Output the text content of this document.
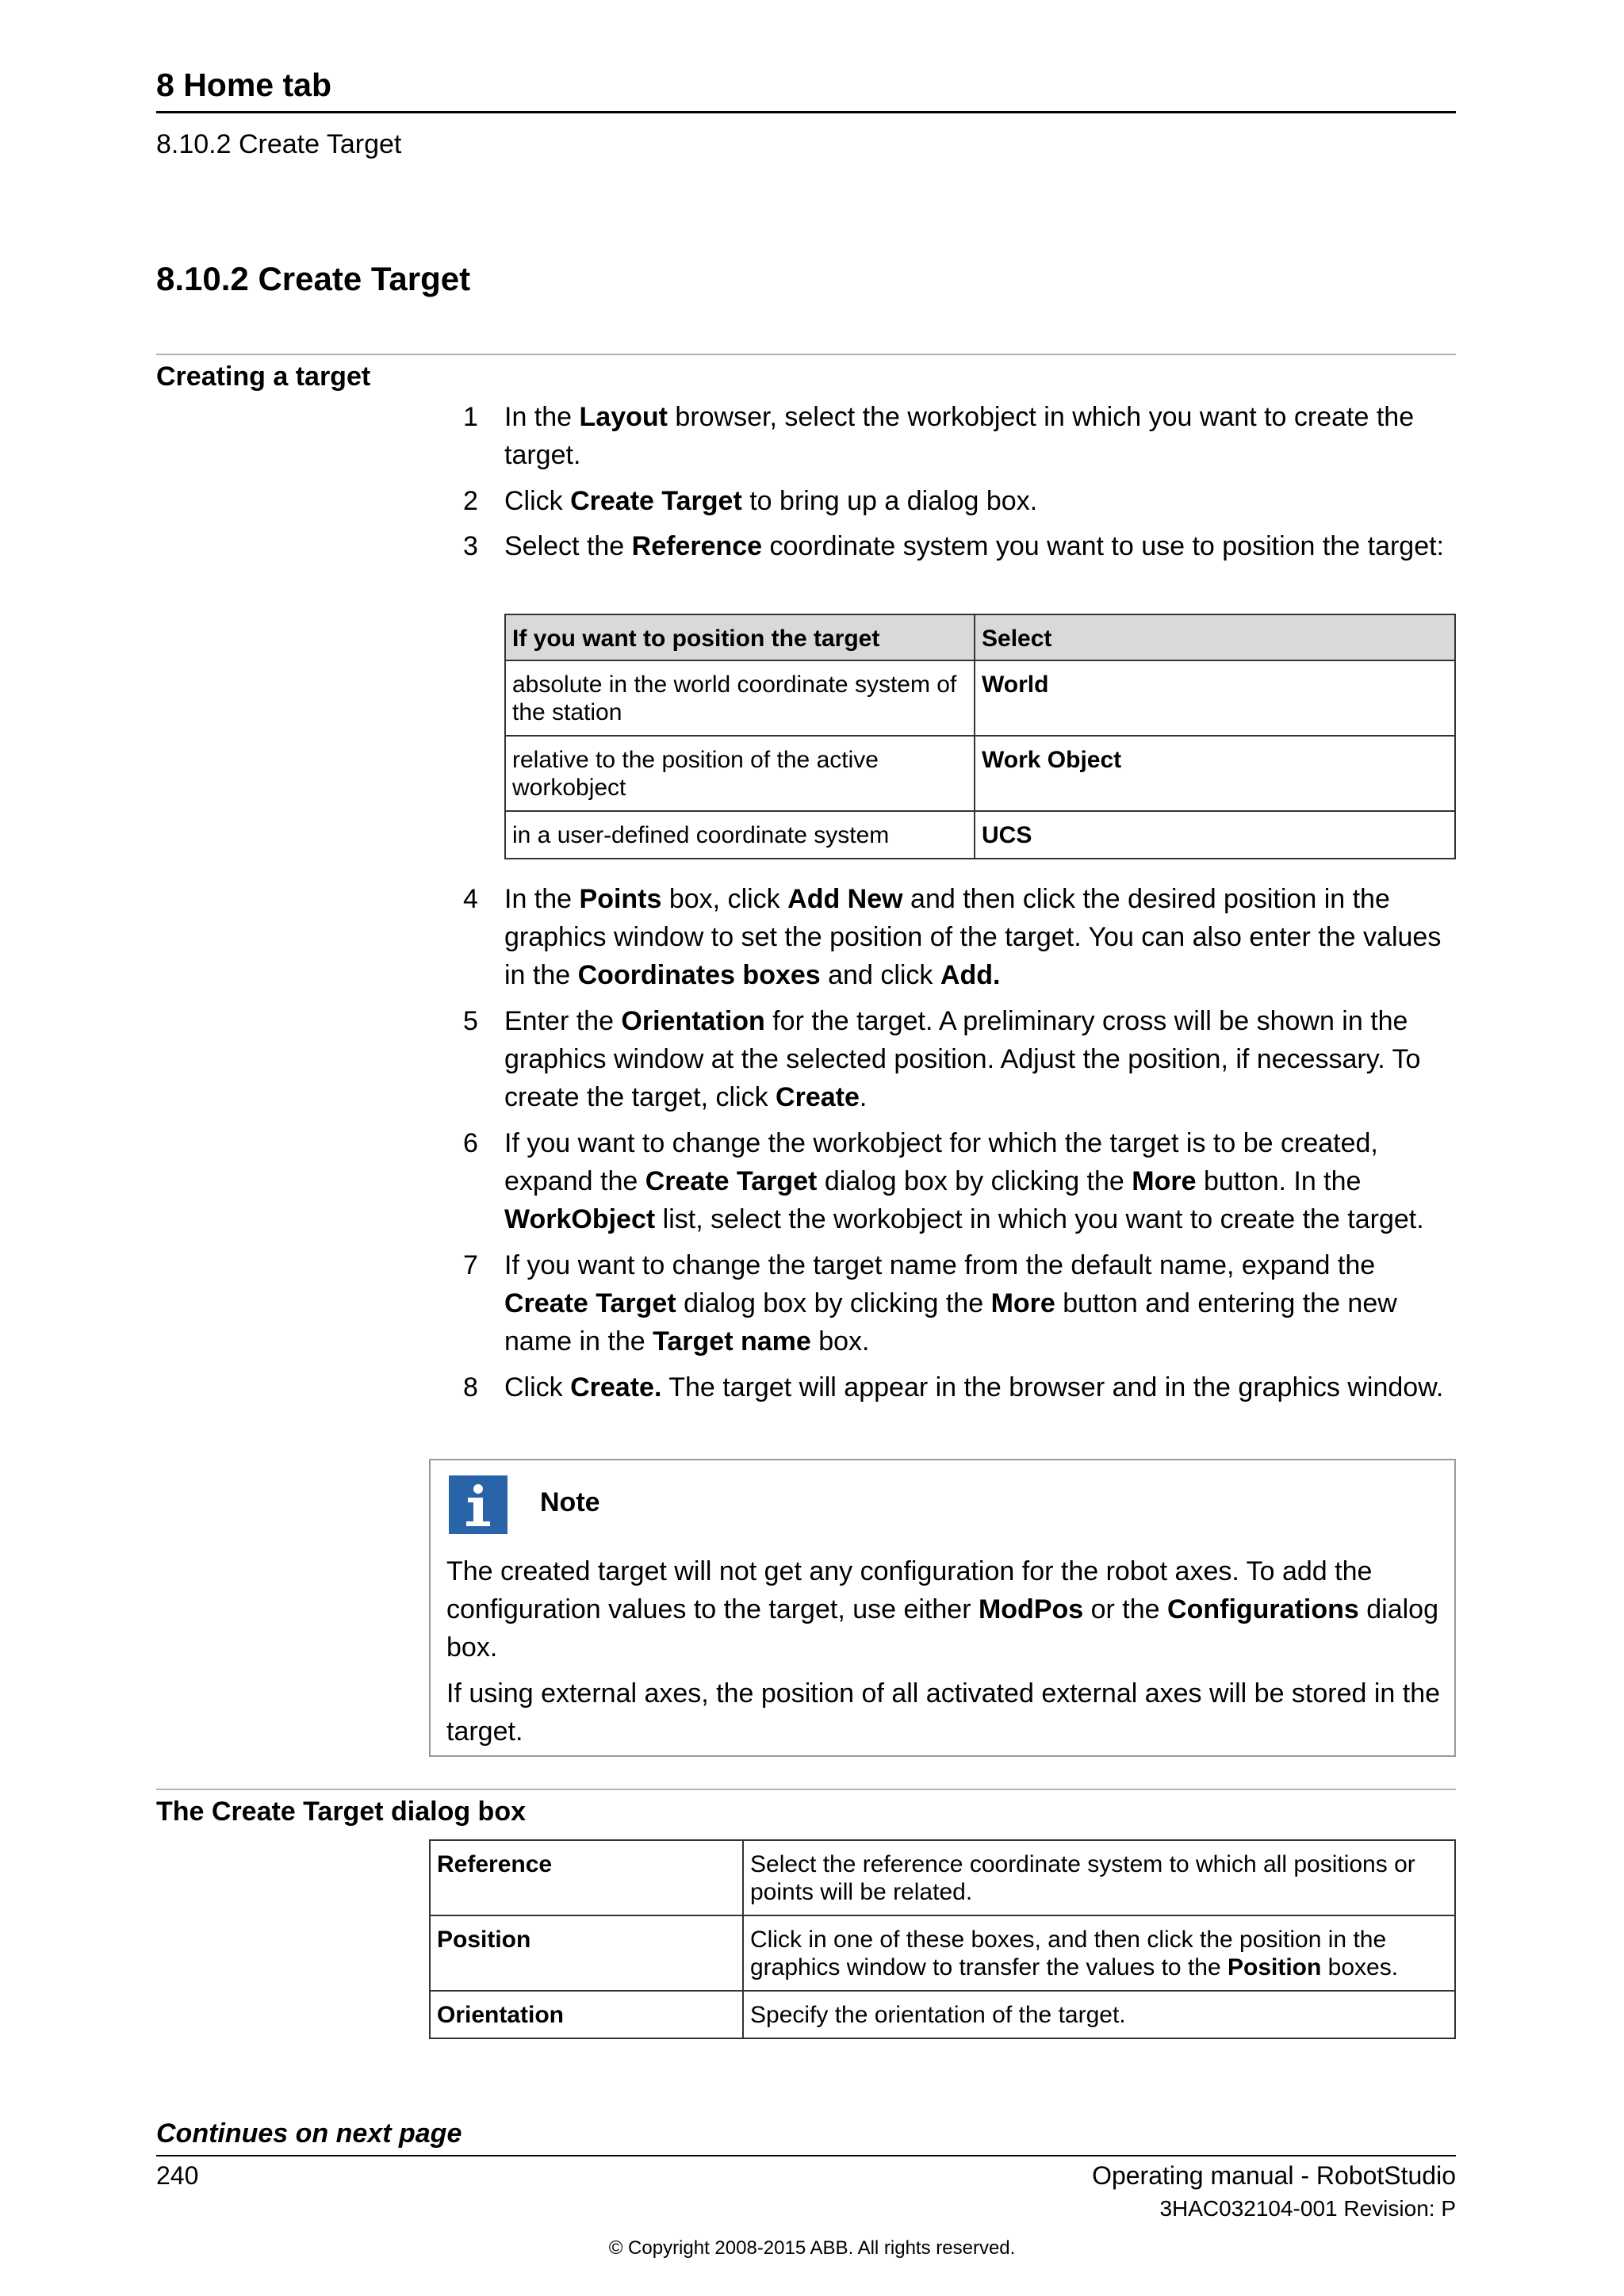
8 Home tab
8.10.2 Create Target
8.10.2 Create Target
Creating a target
1 In the Layout browser, select the workobject in which you want to create the target.
2 Click Create Target to bring up a dialog box.
3 Select the Reference coordinate system you want to use to position the target:
If you want to position the target	Select
absolute in the world coordinate system of the station	World
relative to the position of the active workobject	Work Object
in a user-defined coordinate system	UCS
4 In the Points box, click Add New and then click the desired position in the graphics window to set the position of the target. You can also enter the values in the Coordinates boxes and click Add.
5 Enter the Orientation for the target. A preliminary cross will be shown in the graphics window at the selected position. Adjust the position, if necessary. To create the target, click Create.
6 If you want to change the workobject for which the target is to be created, expand the Create Target dialog box by clicking the More button. In the WorkObject list, select the workobject in which you want to create the target.
7 If you want to change the target name from the default name, expand the Create Target dialog box by clicking the More button and entering the new name in the Target name box.
8 Click Create. The target will appear in the browser and in the graphics window.
Note
The created target will not get any configuration for the robot axes. To add the configuration values to the target, use either ModPos or the Configurations dialog box.
If using external axes, the position of all activated external axes will be stored in the target.
The Create Target dialog box
Reference	Select the reference coordinate system to which all positions or points will be related.
Position	Click in one of these boxes, and then click the position in the graphics window to transfer the values to the Position boxes.
Orientation	Specify the orientation of the target.
Continues on next page
240	Operating manual - RobotStudio
3HAC032104-001 Revision: P
© Copyright 2008-2015 ABB. All rights reserved.
